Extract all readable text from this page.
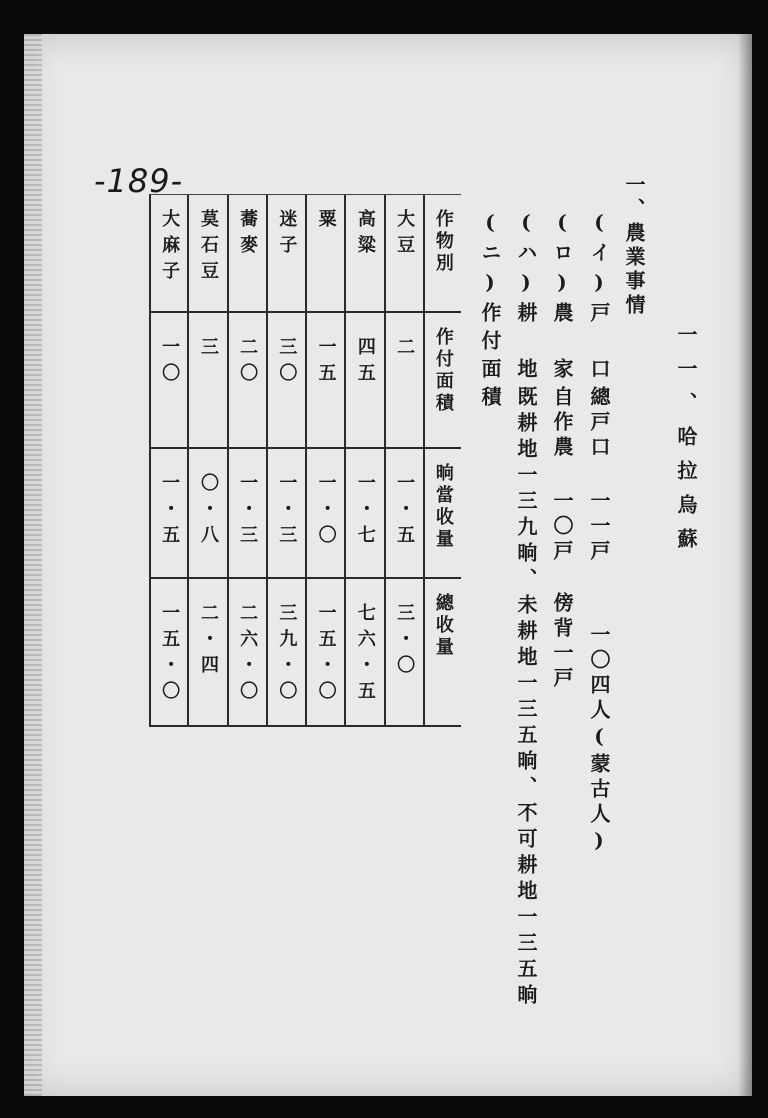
-189-
一一、哈拉烏蘇
一、農業事情
(イ)戸　口
(ロ)農　家
(ハ)耕　地
(ニ)作付面積
總戸口
一一戸
一〇四人(蒙古人)
自作農
一〇戸
傍背一戸
既耕地一三九晌、未耕地一三五晌、不可耕地一三五晌
作物別	大豆	高粱	粟	迷子	蕎麥	莫石豆	大麻子
作付面積	二	四五	一五	三〇	二〇	三	一〇
晌當收量	一・五	一・七	一・〇	一・三	一・三	〇・八	一・五
總收量	三・〇	七六・五	一五・〇	三九・〇	二六・〇	二・四	一五・〇
